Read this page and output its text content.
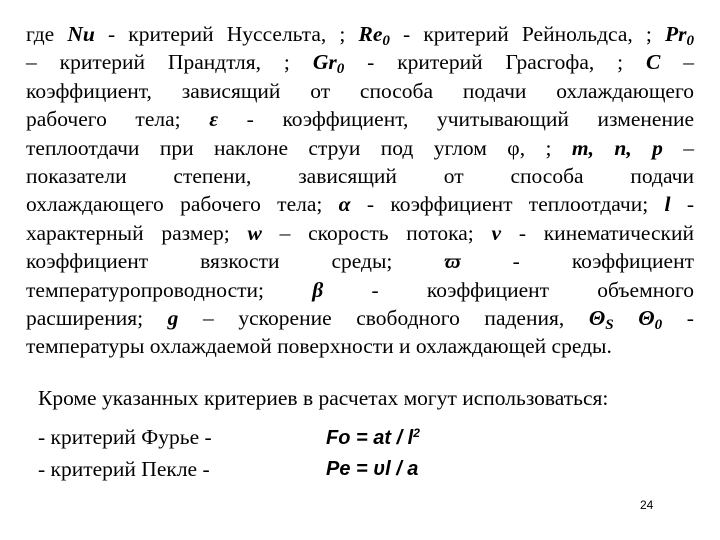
где Nu - критерий Нуссельта, ; $Re_0$ - критерий Рейнольдса, ; $Pr_0$
– критерий Прандтля, ; $Gr_0$ - критерий Грасгофа, ; C –
коэффициент, зависящий от способа подачи охлаждающего
рабочего тела; ε - коэффициент, учитывающий изменение
теплоотдачи при наклоне струи под углом φ, ; m, n, p –
показатели степени, зависящий от способа подачи
охлаждающего рабочего тела; α - коэффициент теплоотдачи; l -
характерный размер; w – скорость потока; ν - кинематический
коэффициент вязкости среды; ϖ - коэффициент
температуропроводности; β - коэффициент объемного
расширения; g – ускорение свободного падения, $\Theta_S$ $\Theta_0$ -
температуры охлаждаемой поверхности и охлаждающей среды.
Кроме указанных критериев в расчетах могут использоваться:
- критерий Фурье -	Fo = at / $l^2$
- критерий Пекле -	Pe = υl / a
24
